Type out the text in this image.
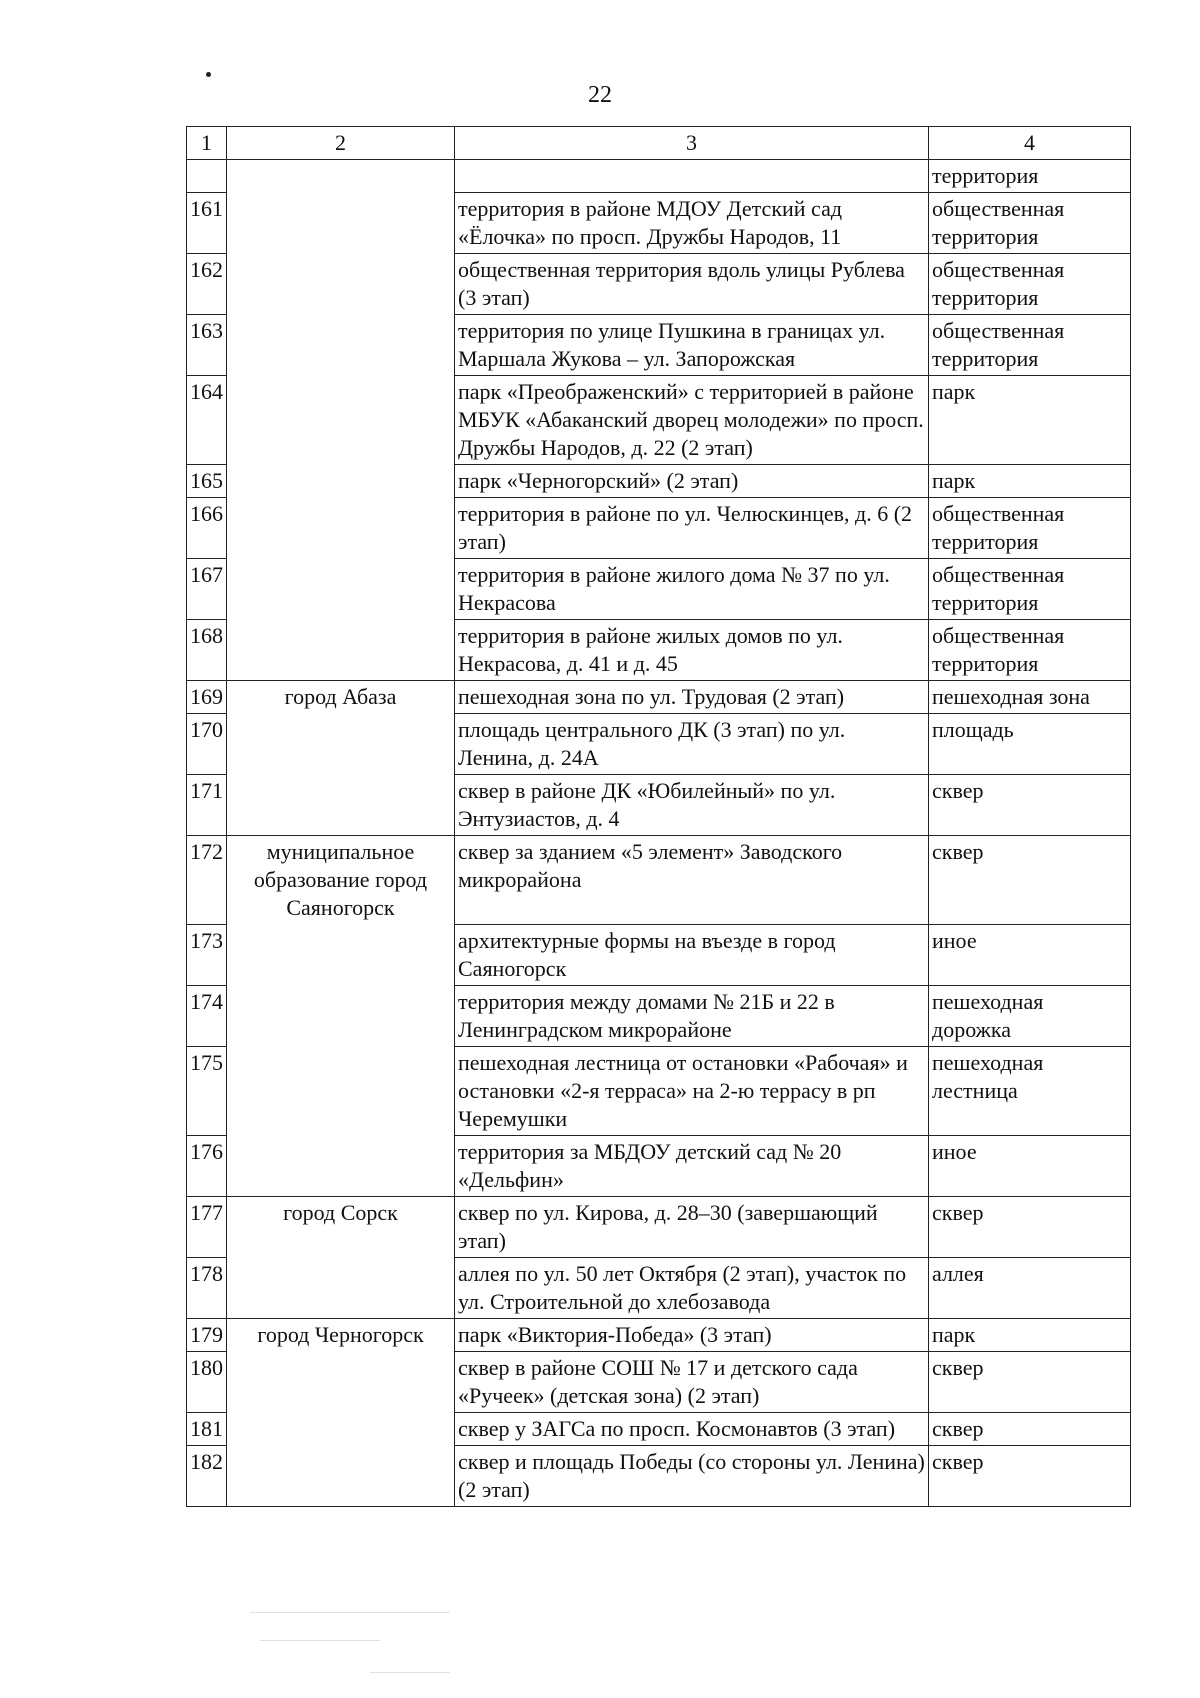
22
1	2	3	4
			территория
161		территория в районе МДОУ Детский сад «Ёлочка» по просп. Дружбы Народов, 11	общественная территория
162		общественная территория вдоль улицы Рублева (3 этап)	общественная территория
163		территория по улице Пушкина в границах ул. Маршала Жукова – ул. Запорожская	общественная территория
164		парк «Преображенский» с территорией в районе МБУК «Абаканский дворец молодежи» по просп. Дружбы Народов, д. 22 (2 этап)	парк
165		парк «Черногорский» (2 этап)	парк
166		территория в районе по ул. Челюскинцев, д. 6 (2 этап)	общественная территория
167		территория в районе жилого дома № 37 по ул. Некрасова	общественная территория
168		территория в районе жилых домов по ул. Некрасова, д. 41 и д. 45	общественная территория
169	город Абаза	пешеходная зона по ул. Трудовая (2 этап)	пешеходная зона
170		площадь центрального ДК (3 этап) по ул. Ленина, д. 24А	площадь
171		сквер в районе ДК «Юбилейный» по ул. Энтузиастов, д. 4	сквер
172	муниципальное образование город Саяногорск	сквер за зданием «5 элемент» Заводского микрорайона	сквер
173		архитектурные формы на въезде в город Саяногорск	иное
174		территория между домами № 21Б и 22 в Ленинградском микрорайоне	пешеходная дорожка
175		пешеходная лестница от остановки «Рабочая» и остановки «2-я терраса» на 2-ю террасу в рп Черемушки	пешеходная лестница
176		территория за МБДОУ детский сад № 20 «Дельфин»	иное
177	город Сорск	сквер по ул. Кирова, д. 28–30 (завершающий этап)	сквер
178		аллея по ул. 50 лет Октября (2 этап), участок по ул. Строительной до хлебозавода	аллея
179	город Черногорск	парк «Виктория-Победа» (3 этап)	парк
180		сквер в районе СОШ № 17 и детского сада «Ручеек» (детская зона) (2 этап)	сквер
181		сквер у ЗАГСа по просп. Космонавтов (3 этап)	сквер
182		сквер и площадь Победы (со стороны ул. Ленина) (2 этап)	сквер
